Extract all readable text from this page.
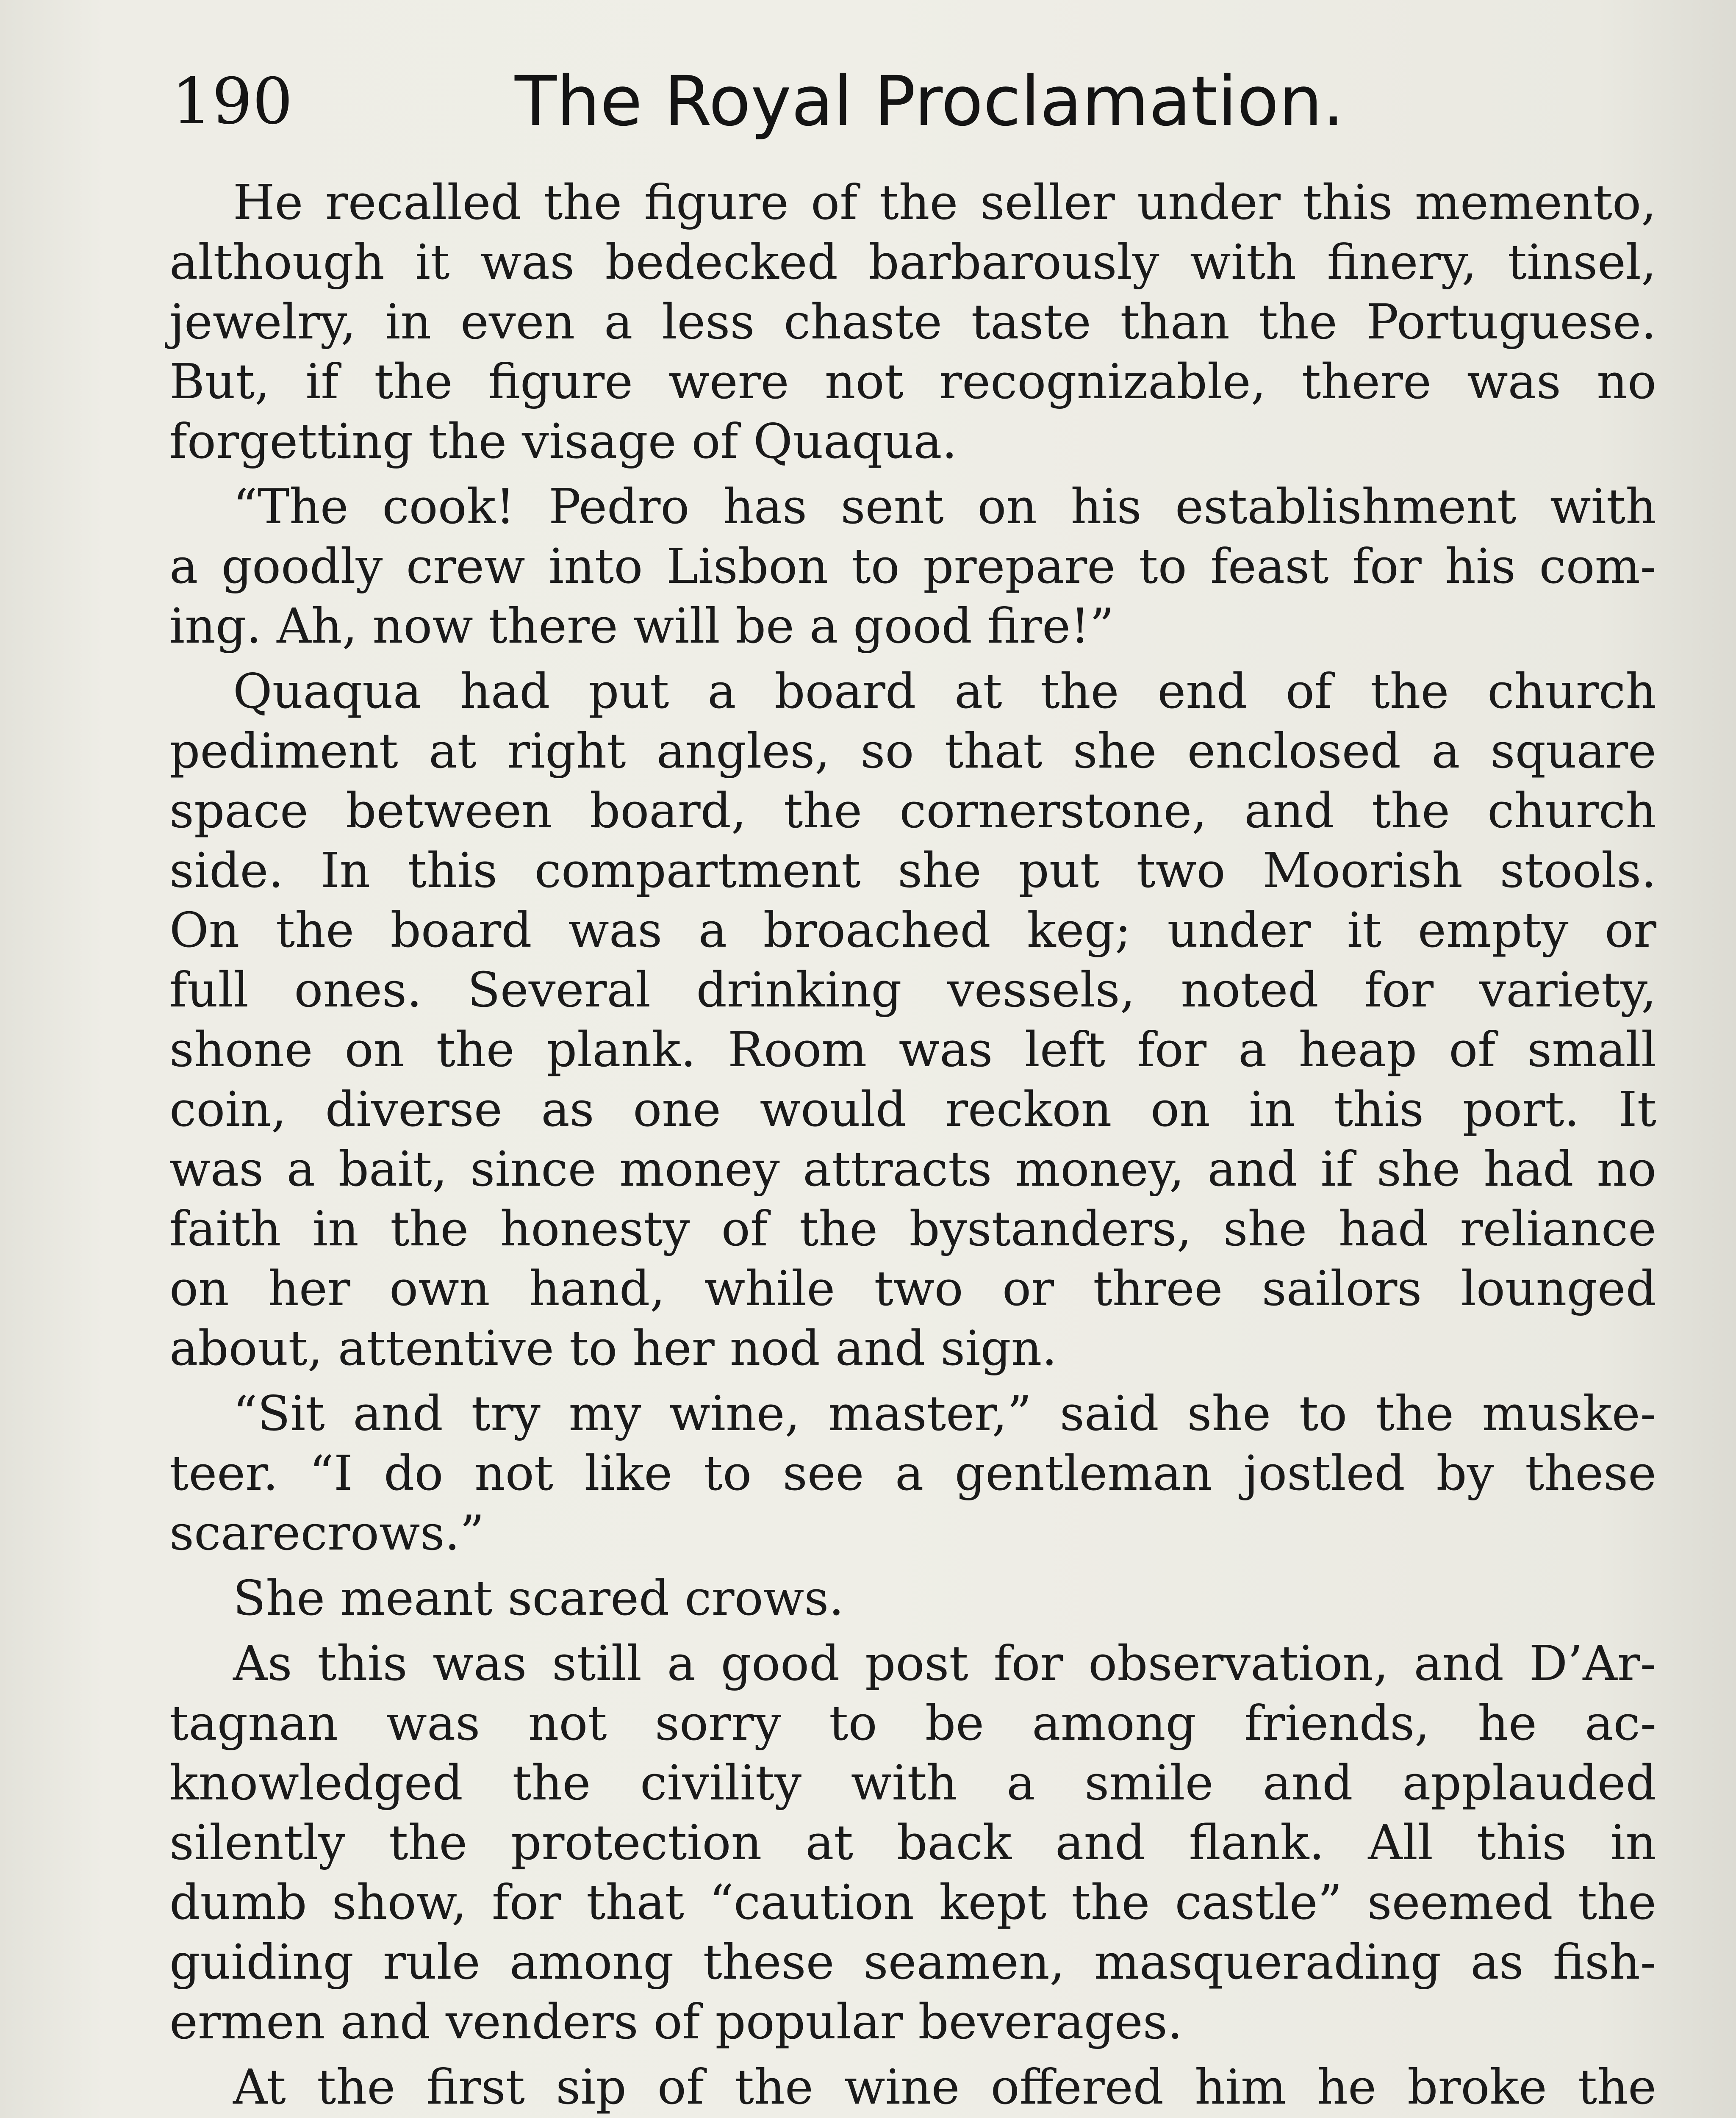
190	The Royal Proclamation.
He recalled the figure of the seller under this memento,
although it was bedecked barbarously with finery, tinsel,
jewelry, in even a less chaste taste than the Portuguese.
But, if the figure were not recognizable, there was no
forgetting the visage of Quaqua.
“The cook! Pedro has sent on his establishment with
a goodly crew into Lisbon to prepare to feast for his com-
ing. Ah, now there will be a good fire!”
Quaqua had put a board at the end of the church
pediment at right angles, so that she enclosed a square
space between board, the cornerstone, and the church
side. In this compartment she put two Moorish stools.
On the board was a broached keg; under it empty or
full ones. Several drinking vessels, noted for variety,
shone on the plank. Room was left for a heap of small
coin, diverse as one would reckon on in this port. It
was a bait, since money attracts money, and if she had no
faith in the honesty of the bystanders, she had reliance
on her own hand, while two or three sailors lounged
about, attentive to her nod and sign.
“Sit and try my wine, master,” said she to the muske-
teer. “I do not like to see a gentleman jostled by these
scarecrows.”
She meant scared crows.
As this was still a good post for observation, and D’Ar-
tagnan was not sorry to be among friends, he ac-
knowledged the civility with a smile and applauded
silently the protection at back and flank. All this in
dumb show, for that “caution kept the castle” seemed the
guiding rule among these seamen, masquerading as fish-
ermen and venders of popular beverages.
At the first sip of the wine offered him he broke the
